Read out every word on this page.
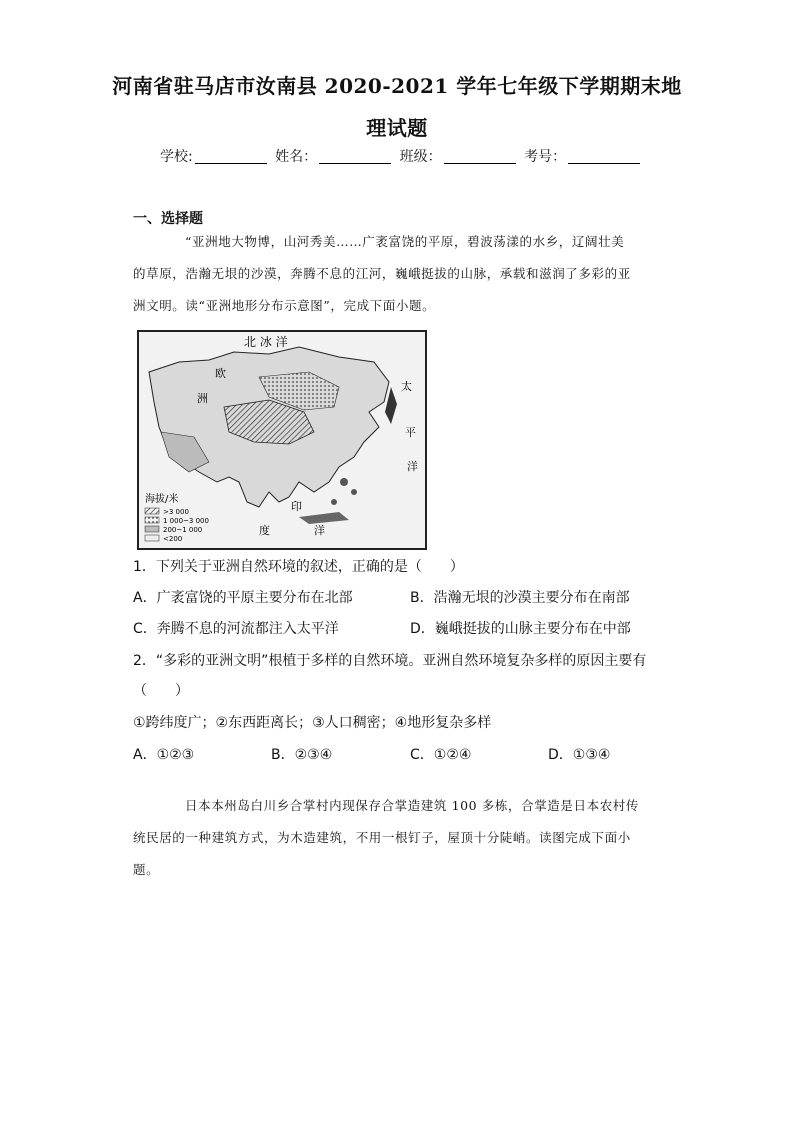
河南省驻马店市汝南县 2020-2021 学年七年级下学期期末地
理试题
学校:	姓名：	班级：	考号：
一、选择题
“亚洲地大物博，山河秀美……广袤富饶的平原，碧波荡漾的水乡，辽阔壮美
的草原，浩瀚无垠的沙漠，奔腾不息的江河，巍峨挺拔的山脉，承载和滋润了多彩的亚
洲文明。读“亚洲地形分布示意图”，完成下面小题。
北 冰 洋
欧
洲
太
平
洋
印
度	洋
海拔/米
>3 000
1 000~3 000
200~1 000
<200
1．下列关于亚洲自然环境的叙述，正确的是（　　）
A．广袤富饶的平原主要分布在北部	B．浩瀚无垠的沙漠主要分布在南部
C．奔腾不息的河流都注入太平洋	D．巍峨挺拔的山脉主要分布在中部
2．“多彩的亚洲文明”根植于多样的自然环境。亚洲自然环境复杂多样的原因主要有
（　　）
①跨纬度广；②东西距离长；③人口稠密；④地形复杂多样
A．①②③	B．②③④	C．①②④	D．①③④
日本本州岛白川乡合掌村内现保存合掌造建筑 100 多栋，合掌造是日本农村传
统民居的一种建筑方式，为木造建筑，不用一根钉子，屋顶十分陡峭。读图完成下面小
题。
